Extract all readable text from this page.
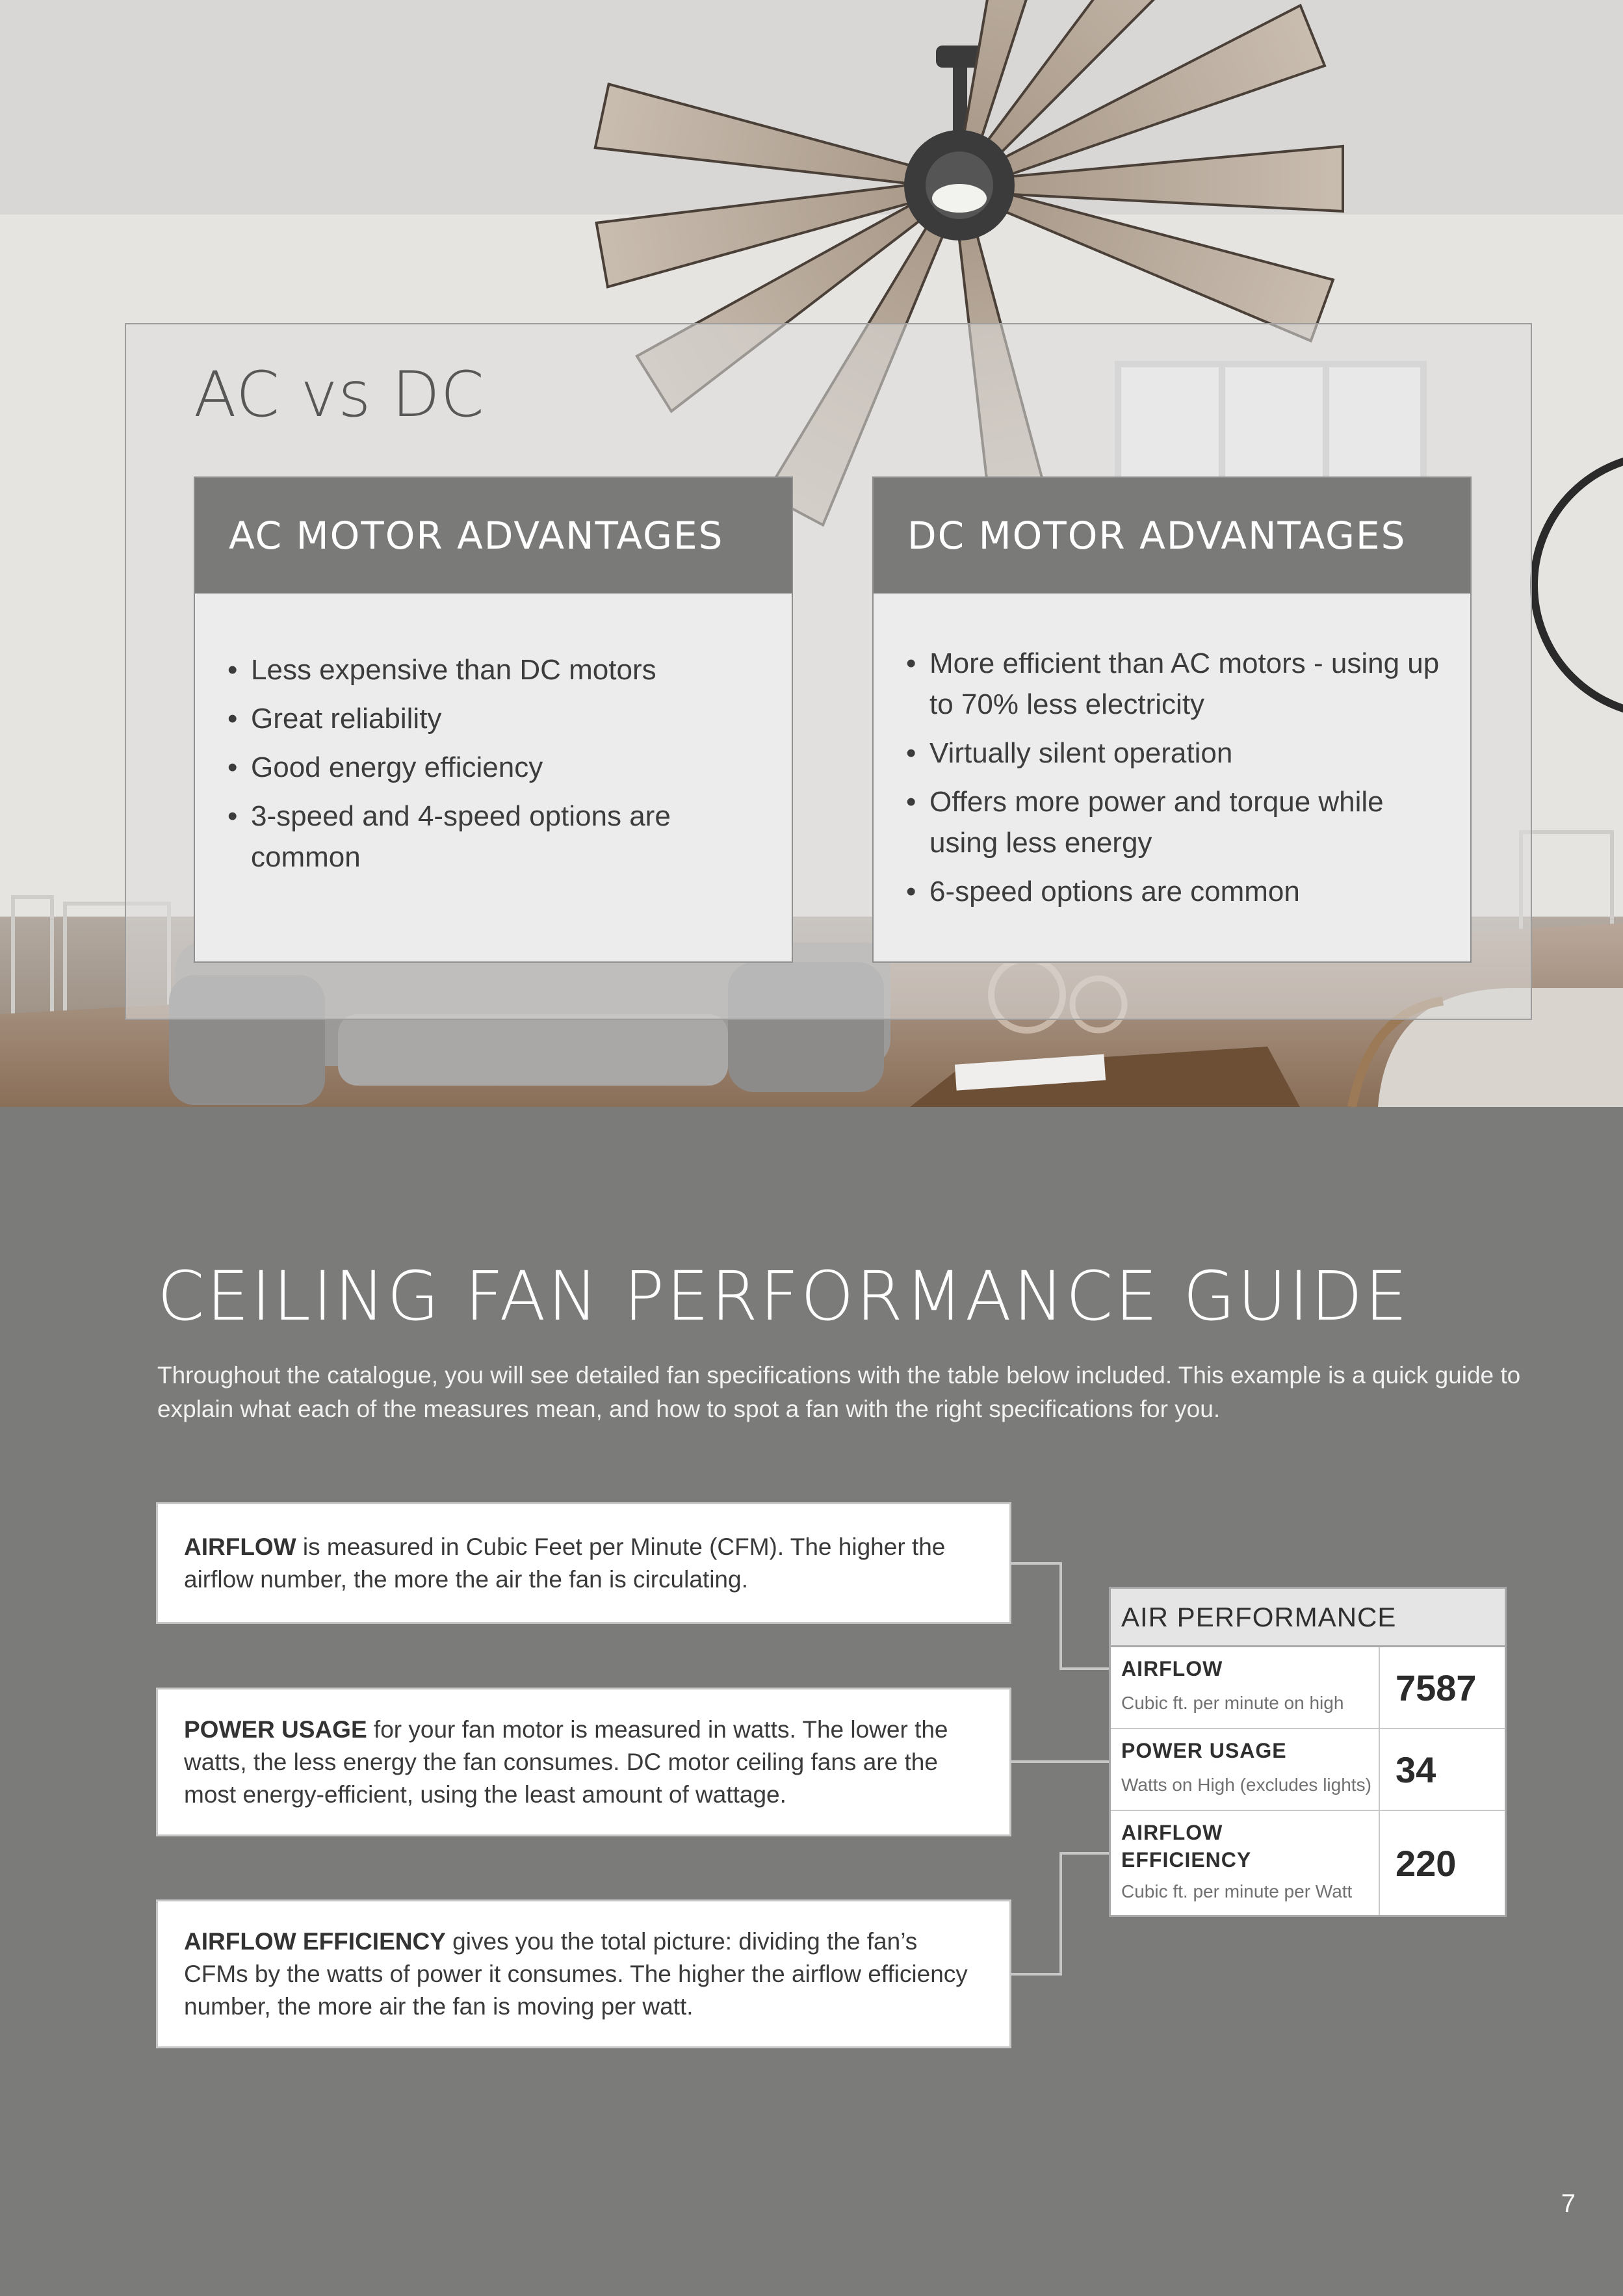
AC vs DC
AC MOTOR ADVANTAGES
• Less expensive than DC motors
• Great reliability
• Good energy efficiency
• 3-speed and 4-speed options are common
DC MOTOR ADVANTAGES
• More efficient than AC motors - using up to 70% less electricity
• Virtually silent operation
• Offers more power and torque while using less energy
• 6-speed options are common
CEILING FAN PERFORMANCE GUIDE

Throughout the catalogue, you will see detailed fan specifications with the table below included. This example is a quick guide to explain what each of the measures mean, and how to spot a fan with the right specifications for you.

AIRFLOW is measured in Cubic Feet per Minute (CFM). The higher the airflow number, the more the air the fan is circulating.

POWER USAGE for your fan motor is measured in watts. The lower the watts, the less energy the fan consumes. DC motor ceiling fans are the most energy-efficient, using the least amount of wattage.

AIRFLOW EFFICIENCY gives you the total picture: dividing the fan’s CFMs by the watts of power it consumes. The higher the airflow efficiency number, the more air the fan is moving per watt.

AIR PERFORMANCE
AIRFLOW
Cubic ft. per minute on high	7587
POWER USAGE
Watts on High (excludes lights) 34
AIRFLOW EFFICIENCY
Cubic ft. per minute per Watt
220
7
